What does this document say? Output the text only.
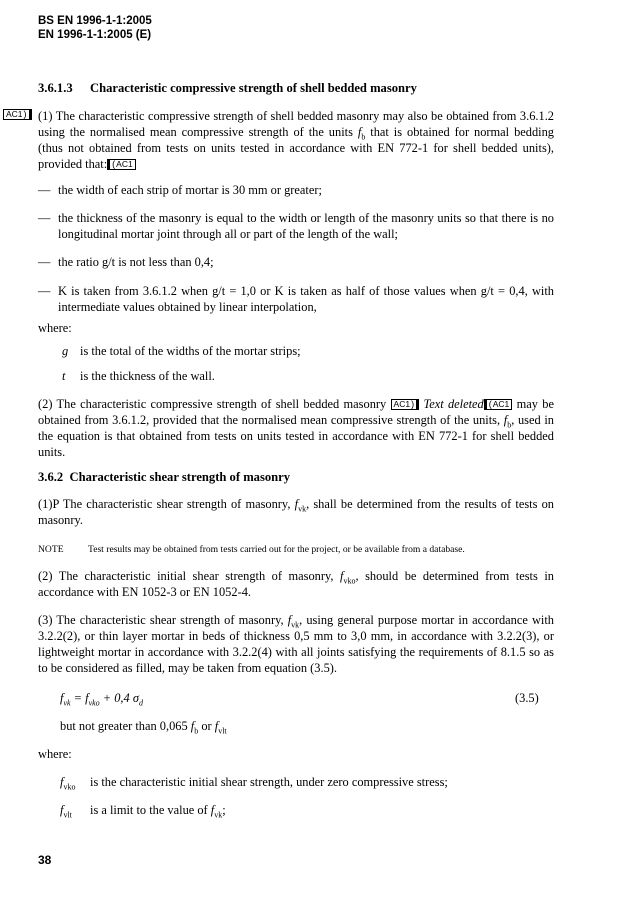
BS EN 1996-1-1:2005
EN 1996-1-1:2005 (E)
3.6.1.3 Characteristic compressive strength of shell bedded masonry
AC1 )	(1) The characteristic compressive strength of shell bedded masonry may also be obtained from 3.6.1.2 using the normalised mean compressive strength of the units $f_b$ that is obtained for normal bedding (thus not obtained from tests on units tested in accordance with EN 772-1 for shell bedded units), provided that: ( AC1
— the width of each strip of mortar is 30 mm or greater;
— the thickness of the masonry is equal to the width or length of the masonry units so that there is no longitudinal mortar joint through all or part of the length of the wall;
— the ratio g/t is not less than 0,4;
— K is taken from 3.6.1.2 when g/t = 1,0 or K is taken as half of those values when g/t = 0,4, with intermediate values obtained by linear interpolation,
where:
g is the total of the widths of the mortar strips;
t is the thickness of the wall.
(2) The characteristic compressive strength of shell bedded masonry AC1 ) Text deleted ( AC1 may be obtained from 3.6.1.2, provided that the normalised mean compressive strength of the units, $f_b$, used in the equation is that obtained from tests on units tested in accordance with EN 772-1 for shell bedded units.
3.6.2 Characteristic shear strength of masonry
(1)P The characteristic shear strength of masonry, $f_{vk}$, shall be determined from the results of tests on masonry.
NOTE	Test results may be obtained from tests carried out for the project, or be available from a database.
(2) The characteristic initial shear strength of masonry, $f_{vko}$, should be determined from tests in accordance with EN 1052-3 or EN 1052-4.
(3) The characteristic shear strength of masonry, $f_{vk}$, using general purpose mortar in accordance with 3.2.2(2), or thin layer mortar in beds of thickness 0,5 mm to 3,0 mm, in accordance with 3.2.2(3), or lightweight mortar in accordance with 3.2.2(4) with all joints satisfying the requirements of 8.1.5 so as to be considered as filled, may be taken from equation (3.5).
$f_{vk} = f_{vko} + 0,4$ $\sigma_d$	(3.5)
but not greater than 0,065 $f_b$ or $f_{vlt}$
where:
$f_{vko}$ is the characteristic initial shear strength, under zero compressive stress;
$f_{vlt}$ is a limit to the value of $f_{vk}$;
38
